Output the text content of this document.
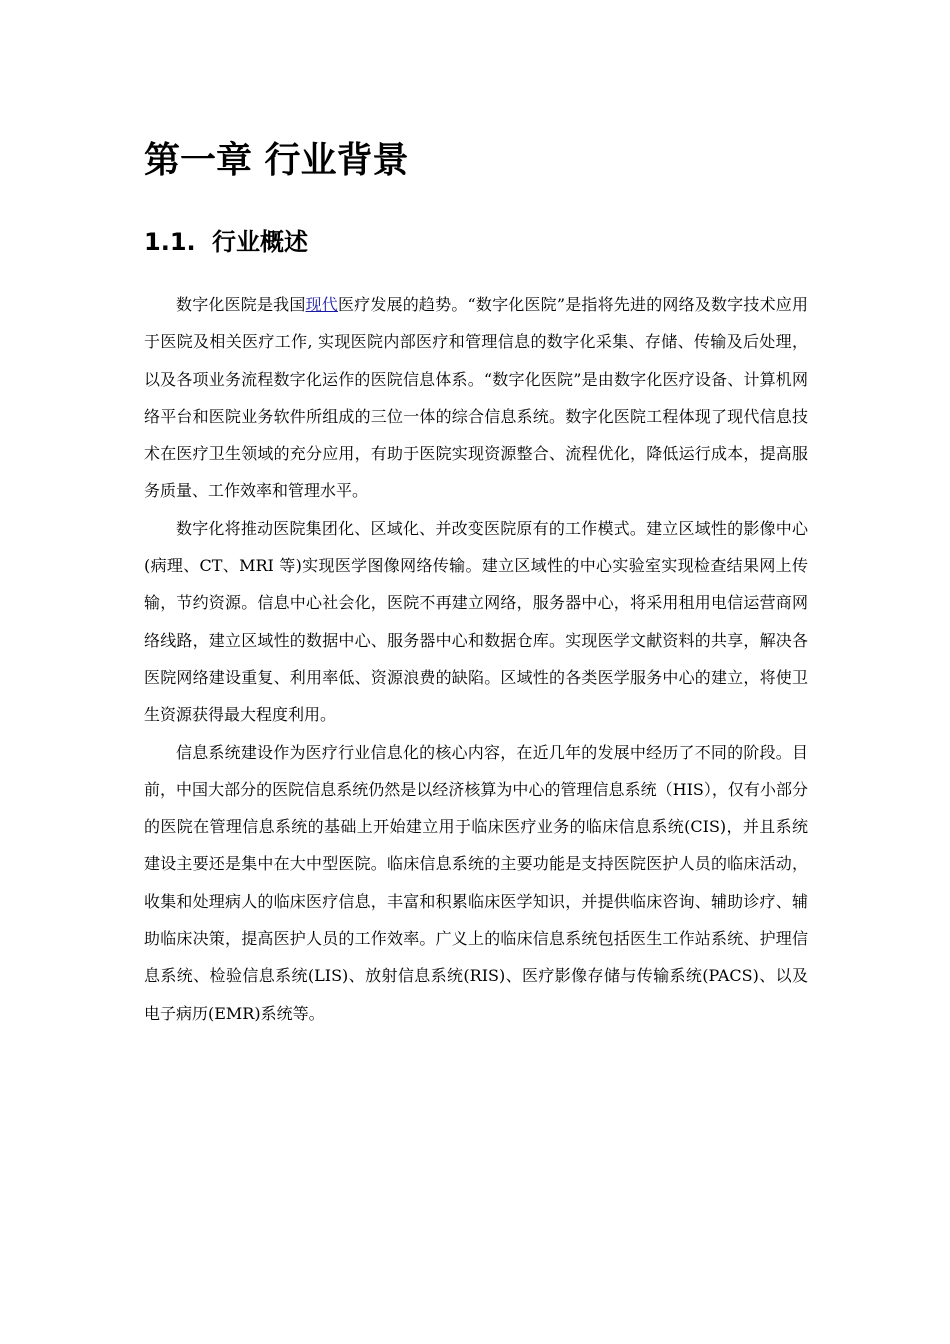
第一章 行业背景
1.1. 行业概述

数字化医院是我国现代医疗发展的趋势。“数字化医院”是指将先进的网络及数字技术应用于医院及相关医疗工作, 实现医院内部医疗和管理信息的数字化采集、存储、传输及后处理，以及各项业务流程数字化运作的医院信息体系。“数字化医院”是由数字化医疗设备、计算机网络平台和医院业务软件所组成的三位一体的综合信息系统。数字化医院工程体现了现代信息技术在医疗卫生领域的充分应用，有助于医院实现资源整合、流程优化，降低运行成本，提高服务质量、工作效率和管理水平。

数字化将推动医院集团化、区域化、并改变医院原有的工作模式。建立区域性的影像中心(病理、CT、MRI 等)实现医学图像网络传输。建立区域性的中心实验室实现检查结果网上传输，节约资源。信息中心社会化，医院不再建立网络，服务器中心，将采用租用电信运营商网络线路，建立区域性的数据中心、服务器中心和数据仓库。实现医学文献资料的共享，解决各医院网络建设重复、利用率低、资源浪费的缺陷。区域性的各类医学服务中心的建立，将使卫生资源获得最大程度利用。

信息系统建设作为医疗行业信息化的核心内容，在近几年的发展中经历了不同的阶段。目前，中国大部分的医院信息系统仍然是以经济核算为中心的管理信息系统（HIS），仅有小部分的医院在管理信息系统的基础上开始建立用于临床医疗业务的临床信息系统(CIS)，并且系统建设主要还是集中在大中型医院。临床信息系统的主要功能是支持医院医护人员的临床活动，收集和处理病人的临床医疗信息，丰富和积累临床医学知识，并提供临床咨询、辅助诊疗、辅助临床决策，提高医护人员的工作效率。广义上的临床信息系统包括医生工作站系统、护理信息系统、检验信息系统(LIS)、放射信息系统(RIS)、医疗影像存储与传输系统(PACS)、以及电子病历(EMR)系统等。
